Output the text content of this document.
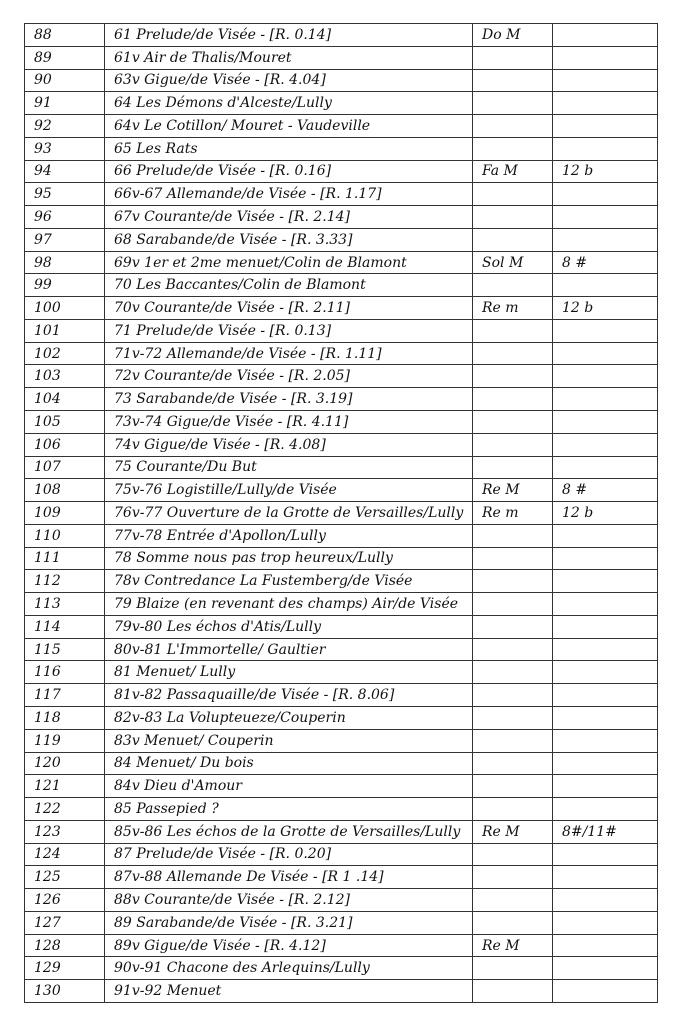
88	61 Prelude/de Visée - [R. 0.14]	Do M	
89	61v Air de Thalis/Mouret		
90	63v Gigue/de Visée - [R. 4.04]		
91	64 Les Démons d'Alceste/Lully		
92	64v Le Cotillon/ Mouret - Vaudeville		
93	65 Les Rats		
94	66 Prelude/de Visée - [R. 0.16]	Fa M	12 b
95	66v-67 Allemande/de Visée - [R. 1.17]		
96	67v Courante/de Visée - [R. 2.14]		
97	68 Sarabande/de Visée - [R. 3.33]		
98	69v 1er et 2me menuet/Colin de Blamont	Sol M	8 #
99	70 Les Baccantes/Colin de Blamont		
100	70v Courante/de Visée - [R. 2.11]	Re m	12 b
101	71 Prelude/de Visée - [R. 0.13]		
102	71v-72 Allemande/de Visée - [R. 1.11]		
103	72v Courante/de Visée - [R. 2.05]		
104	73 Sarabande/de Visée - [R. 3.19]		
105	73v-74 Gigue/de Visée - [R. 4.11]		
106	74v Gigue/de Visée - [R. 4.08]		
107	75 Courante/Du But		
108	75v-76 Logistille/Lully/de Visée	Re M	8 #
109	76v-77 Ouverture de la Grotte de Versailles/Lully	Re m	12 b
110	77v-78 Entrée d'Apollon/Lully		
111	78 Somme nous pas trop heureux/Lully		
112	78v Contredance La Fustemberg/de Visée		
113	79 Blaize (en revenant des champs) Air/de Visée		
114	79v-80 Les échos d'Atis/Lully		
115	80v-81 L'Immortelle/ Gaultier		
116	81 Menuet/ Lully		
117	81v-82 Passaquaille/de Visée - [R. 8.06]		
118	82v-83 La Volupteueze/Couperin		
119	83v Menuet/ Couperin		
120	84 Menuet/ Du bois		
121	84v Dieu d'Amour		
122	85 Passepied ?		
123	85v-86 Les échos de la Grotte de Versailles/Lully	Re M	8#/11#
124	87 Prelude/de Visée - [R. 0.20]		
125	87v-88 Allemande De Visée - [R 1 .14]		
126	88v Courante/de Visée - [R. 2.12]		
127	89 Sarabande/de Visée - [R. 3.21]		
128	89v Gigue/de Visée - [R. 4.12]	Re M	
129	90v-91 Chacone des Arlequins/Lully		
130	91v-92 Menuet		
